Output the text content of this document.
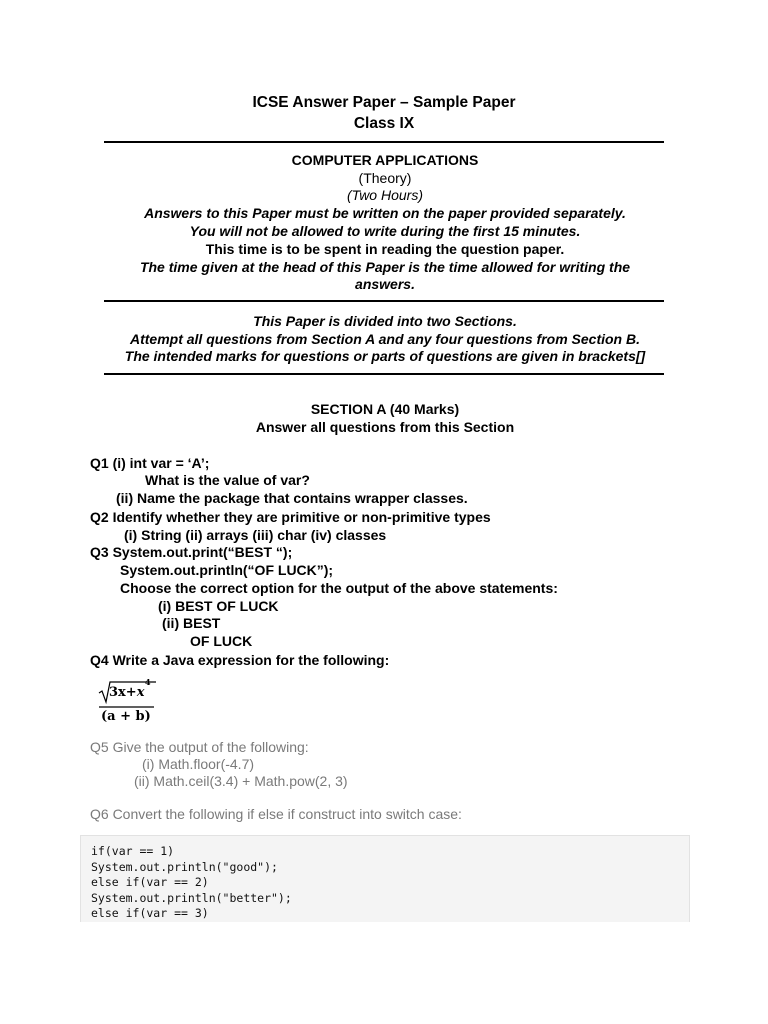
ICSE Answer Paper – Sample Paper
Class IX
COMPUTER APPLICATIONS
(Theory)
(Two Hours)
Answers to this Paper must be written on the paper provided separately.
You will not be allowed to write during the first 15 minutes.
This time is to be spent in reading the question paper.
The time given at the head of this Paper is the time allowed for writing the
answers.
This Paper is divided into two Sections.
Attempt all questions from Section A and any four questions from Section B.
The intended marks for questions or parts of questions are given in brackets[]
SECTION A (40 Marks)
Answer all questions from this Section
Q1 (i) int var = ‘A’;
What is the value of var?
(ii) Name the package that contains wrapper classes.
Q2 Identify whether they are primitive or non-primitive types
(i) String (ii) arrays (iii) char (iv) classes
Q3 System.out.print(“BEST “);
System.out.println(“OF LUCK”);
Choose the correct option for the output of the above statements:
(i) BEST OF LUCK
(ii) BEST
OF LUCK
Q4 Write a Java expression for the following:
3x+x
4
(a + b)
Q5 Give the output of the following:
(i) Math.floor(-4.7)
(ii) Math.ceil(3.4) + Math.pow(2, 3)
Q6 Convert the following if else if construct into switch case:
if(var == 1)
System.out.println("good");
else if(var == 2)
System.out.println("better");
else if(var == 3)
